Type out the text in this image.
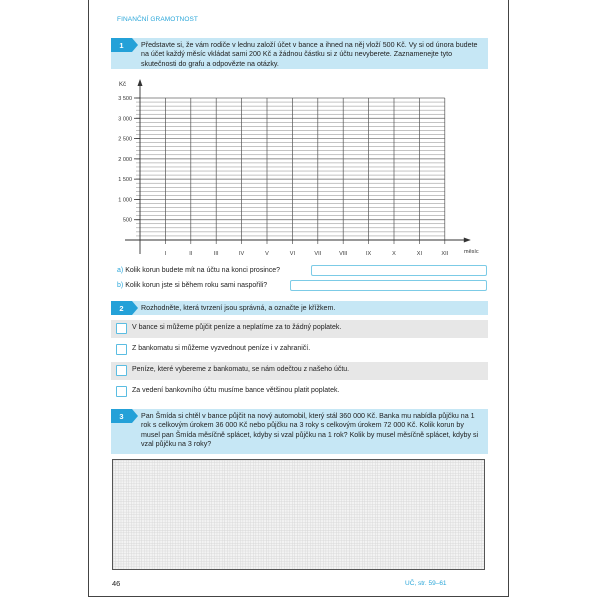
FINANČNÍ GRAMOTNOST
1	Představte si, že vám rodiče v lednu založí účet v bance a ihned na něj vloží 500 Kč. Vy si od února budete na účet každý měsíc vkládat sami 200 Kč a žádnou částku si z účtu nevyberete. Zaznamenejte tyto skutečnosti do grafu a odpovězte na otázky.
500
1 000
1 500
2 000
2 500
3 000
3 500
I	II	III	IV	V	VI	VII	VIII	IX	X	XI	XII
Kč
měsíc
a) Kolik korun budete mít na účtu na konci prosince?
b) Kolik korun jste si během roku sami naspořili?
2	Rozhodněte, která tvrzení jsou správná, a označte je křížkem.
V bance si můžeme půjčit peníze a neplatíme za to žádný poplatek.
Z bankomatu si můžeme vyzvednout peníze i v zahraničí.
Peníze, které vybereme z bankomatu, se nám odečtou z našeho účtu.
Za vedení bankovního účtu musíme bance většinou platit poplatek.
3	Pan Šmída si chtěl v bance půjčit na nový automobil, který stál 360 000 Kč. Banka mu nabídla půjčku na 1 rok s celkovým úrokem 36 000 Kč nebo půjčku na 3 roky s celkovým úrokem 72 000 Kč. Kolik korun by musel pan Šmída měsíčně splácet, kdyby si vzal půjčku na 1 rok? Kolik by musel měsíčně splácet, kdyby si vzal půjčku na 3 roky?
46	UČ, str. 59–61
